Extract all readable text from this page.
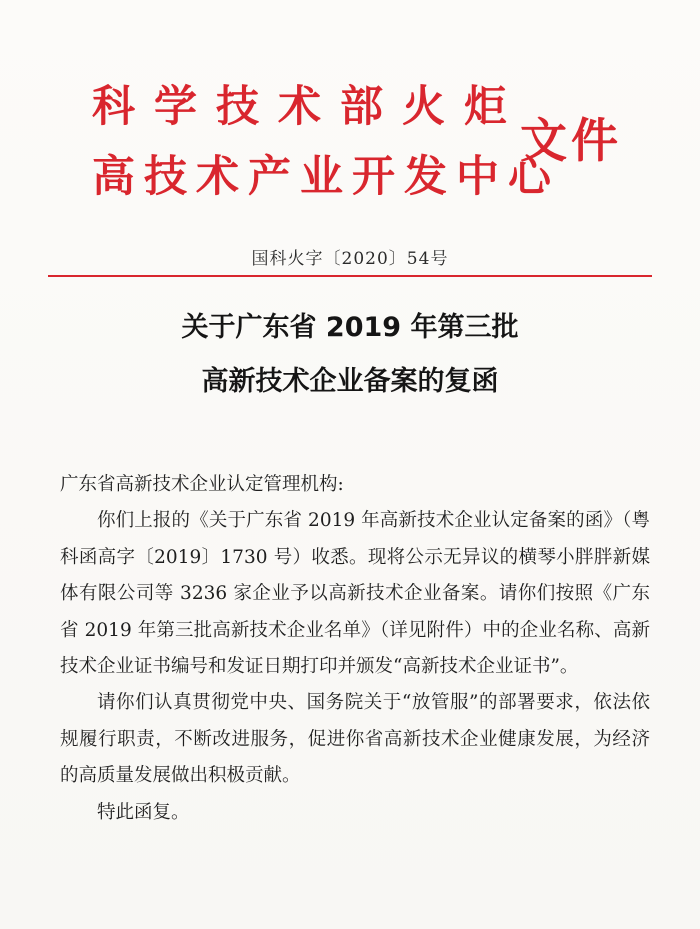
科学技术部火炬
高技术产业开发中心
文件
国科火字〔2020〕54号
关于广东省 2019 年第三批
高新技术企业备案的复函

广东省高新技术企业认定管理机构:

你们上报的《关于广东省 2019 年高新技术企业认定备案的函》（粤科函高字〔2019〕1730 号）收悉。现将公示无异议的横琴小胖胖新媒体有限公司等 3236 家企业予以高新技术企业备案。请你们按照《广东省 2019 年第三批高新技术企业名单》（详见附件）中的企业名称、高新技术企业证书编号和发证日期打印并颁发“高新技术企业证书”。

请你们认真贯彻党中央、国务院关于“放管服”的部署要求，依法依规履行职责，不断改进服务，促进你省高新技术企业健康发展，为经济的高质量发展做出积极贡献。

特此函复。
